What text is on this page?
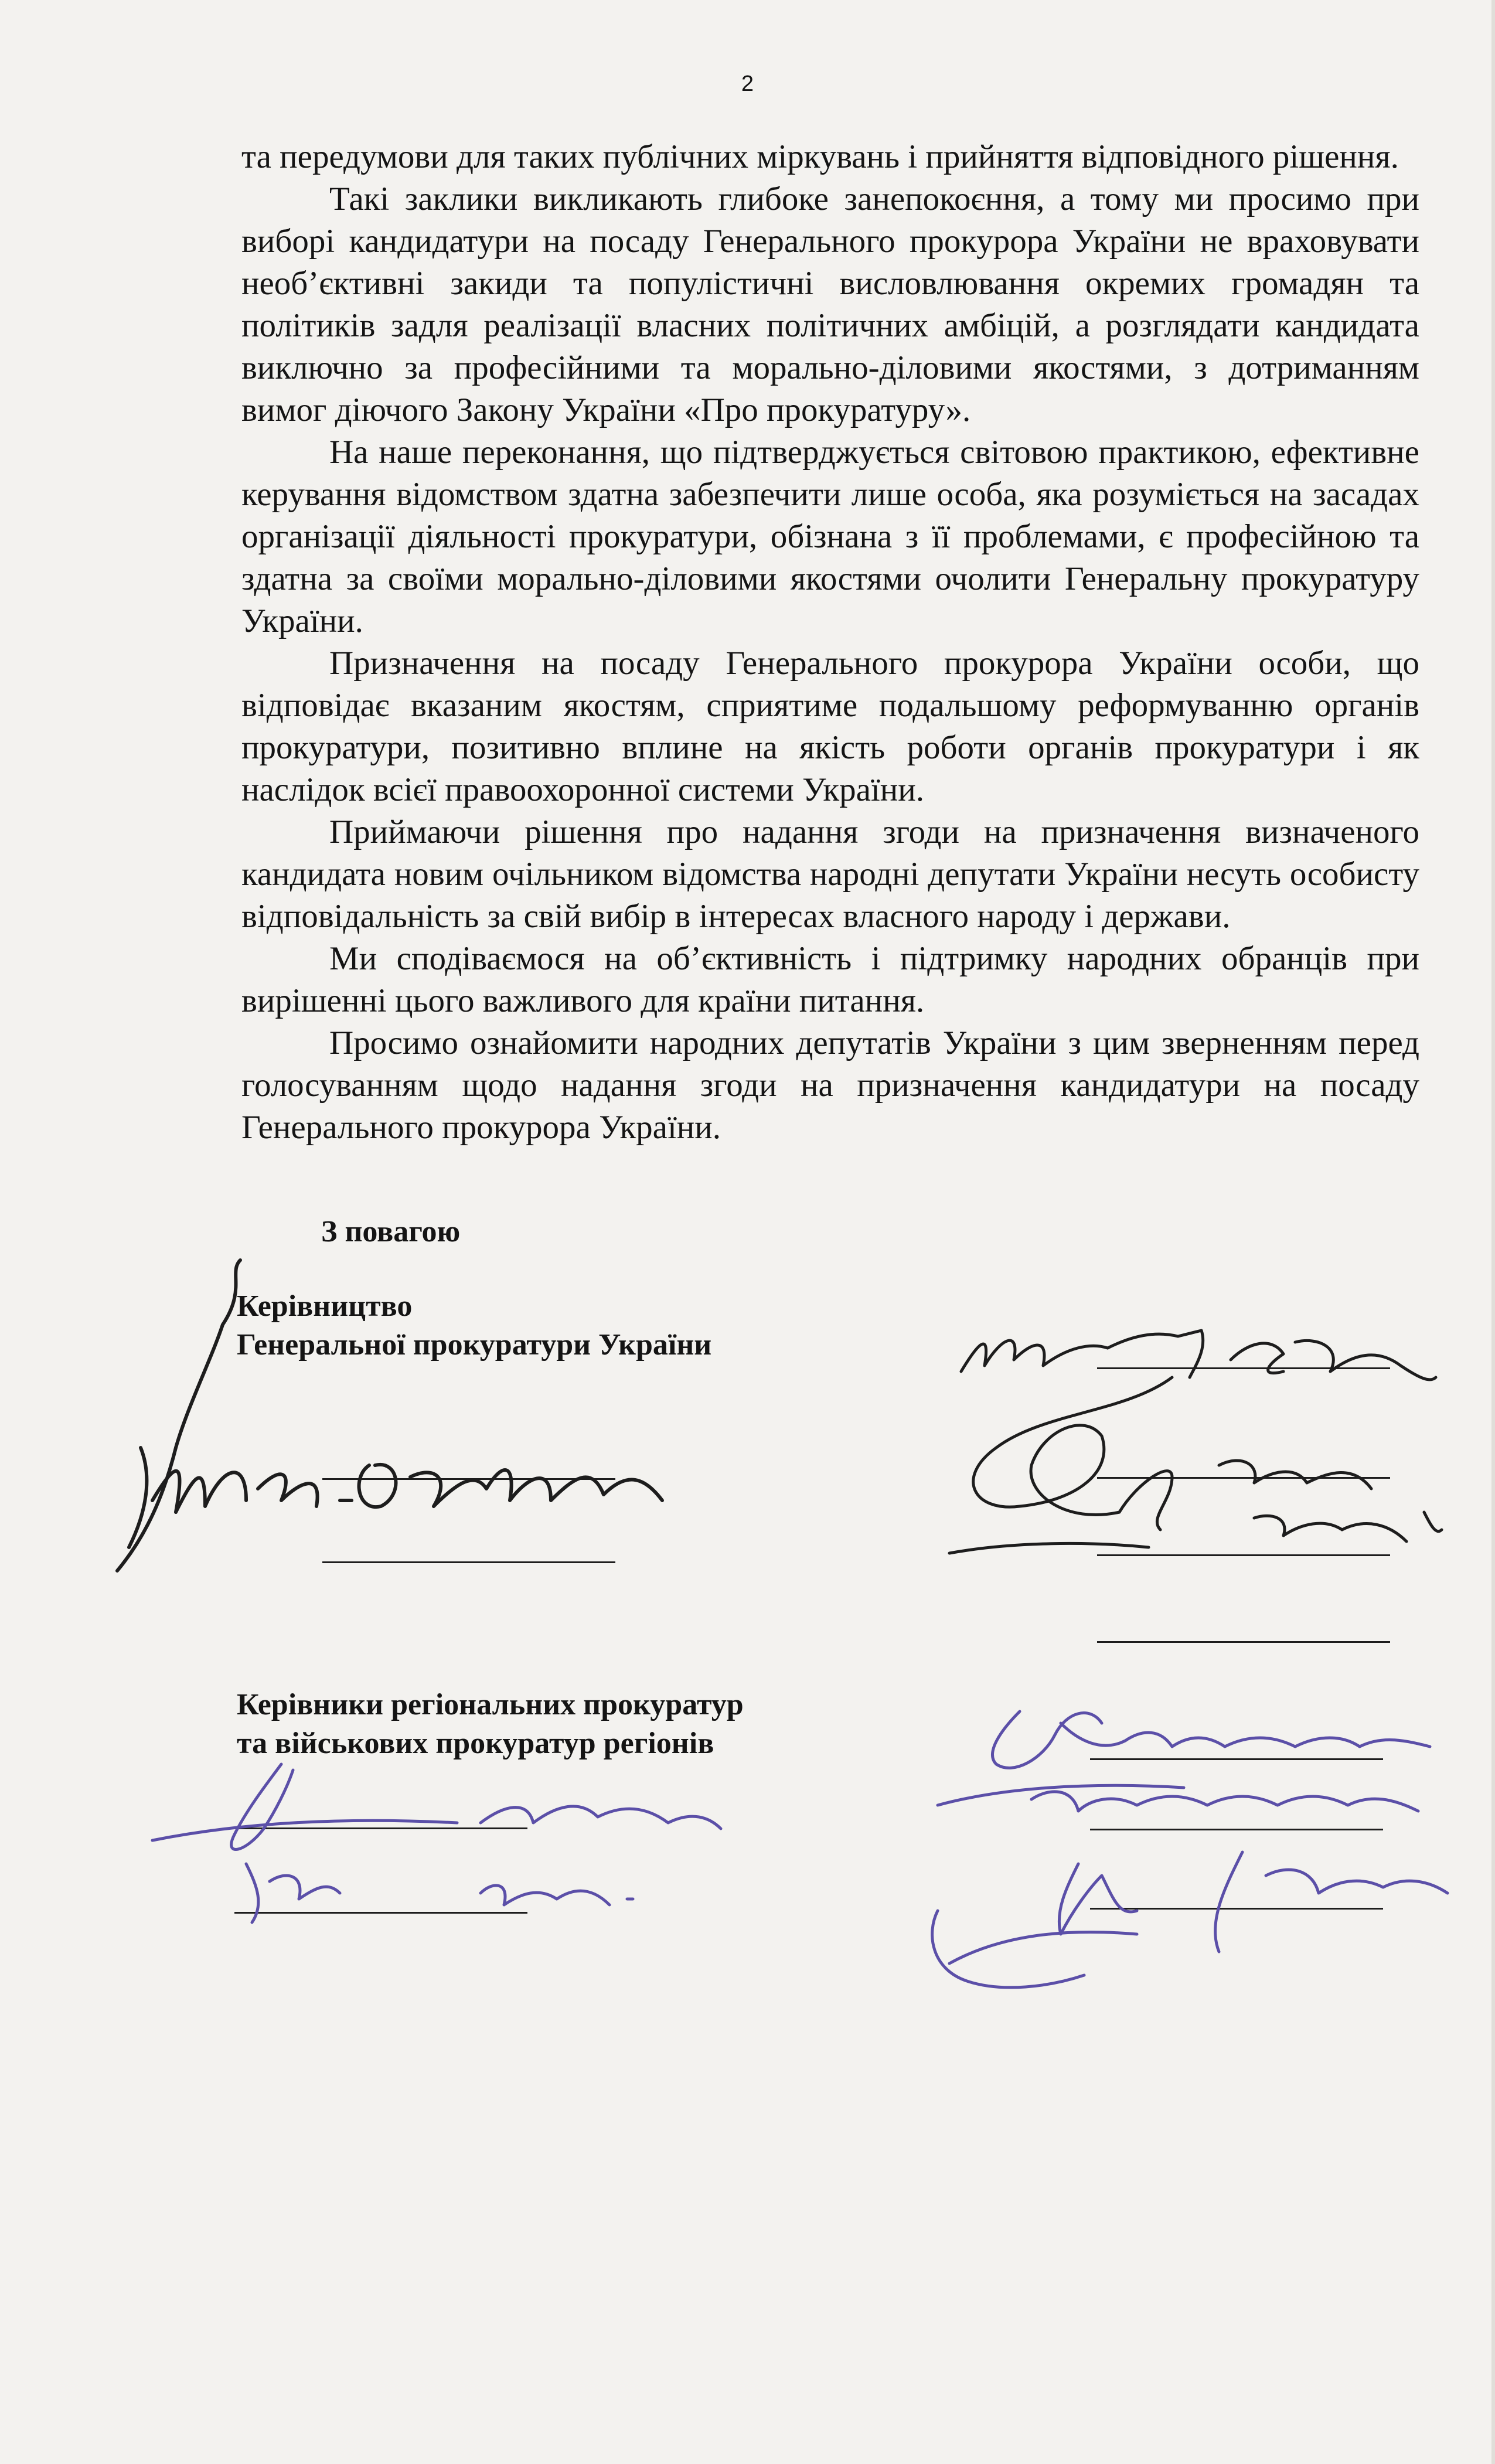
2

та передумови для таких публічних міркувань і прийняття відповідного рішення.

Такі заклики викликають глибоке занепокоєння, а тому ми просимо при виборі кандидатури на посаду Генерального прокурора України не враховувати необ’єктивні закиди та популістичні висловлювання окремих громадян та політиків задля реалізації власних політичних амбіцій, а розглядати кандидата виключно за професійними та морально-діловими якостями, з дотриманням вимог діючого Закону України «Про прокуратуру».

На наше переконання, що підтверджується світовою практикою, ефективне керування відомством здатна забезпечити лише особа, яка розуміється на засадах організації діяльності прокуратури, обізнана з її проблемами, є професійною та здатна за своїми морально-діловими якостями очолити Генеральну прокуратуру України.

Призначення на посаду Генерального прокурора України особи, що відповідає вказаним якостям, сприятиме подальшому реформуванню органів прокуратури, позитивно вплине на якість роботи органів прокуратури і як наслідок всієї правоохоронної системи України.

Приймаючи рішення про надання згоди на призначення визначеного кандидата новим очільником відомства народні депутати України несуть особисту відповідальність за свій вибір в інтересах власного народу і держави.

Ми сподіваємося на об’єктивність і підтримку народних обранців при вирішенні цього важливого для країни питання.

Просимо ознайомити народних депутатів України з цим зверненням перед голосуванням щодо надання згоди на призначення кандидатури на посаду Генерального прокурора України.

З повагою
Керівництво
Генеральної прокуратури України
Керівники регіональних прокуратур
та військових прокуратур регіонів
